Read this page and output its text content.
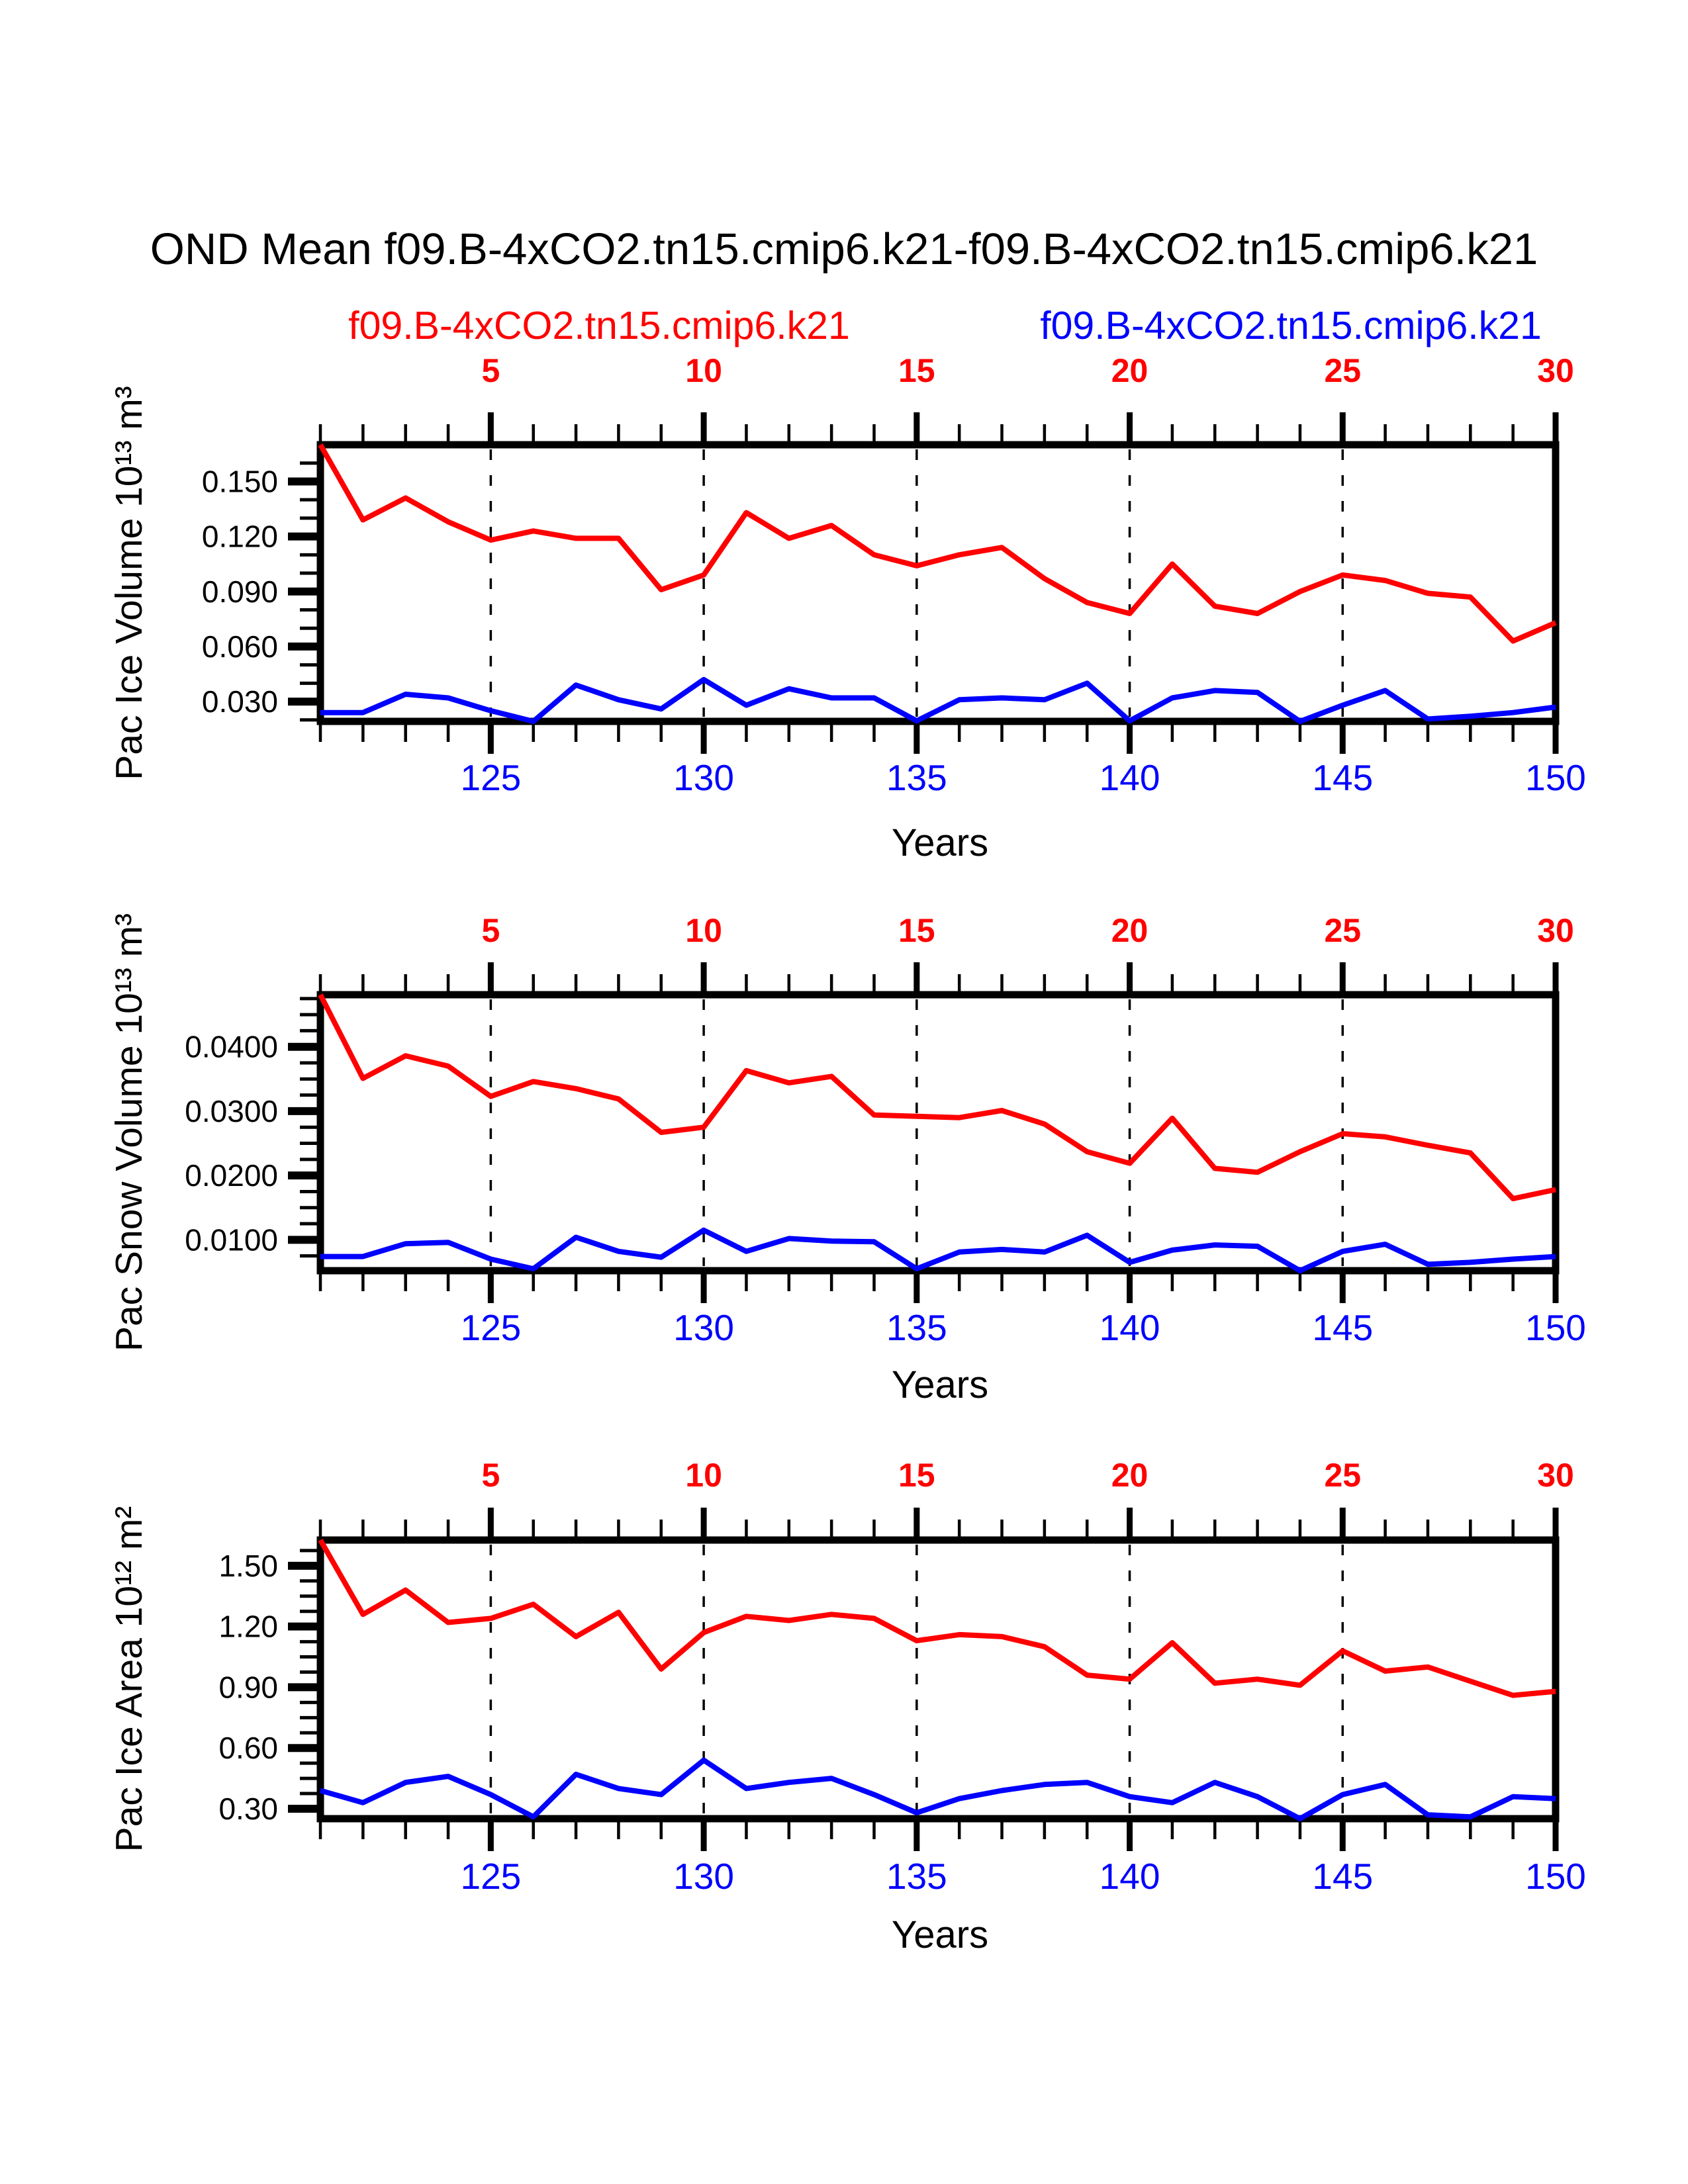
0.150
0.120
0.090
0.060
0.030
5	10	15	20	25	30
125	130	135	140	145	150
0.0400
0.0300
0.0200
0.0100
5	10	15	20	25	30
125	130	135	140	145	150
1.50
1.20
0.90
0.60
0.30
5	10	15	20	25	30
125	130	135	140	145	150
OND Mean f09.B-4xCO2.tn15.cmip6.k21-f09.B-4xCO2.tn15.cmip6.k21
f09.B-4xCO2.tn15.cmip6.k21	f09.B-4xCO2.tn15.cmip6.k21
Pac Ice Volume 10¹³ m³
Pac Snow Volume 10¹³ m³
Pac Ice Area 10¹² m²
Years
Years
Years
